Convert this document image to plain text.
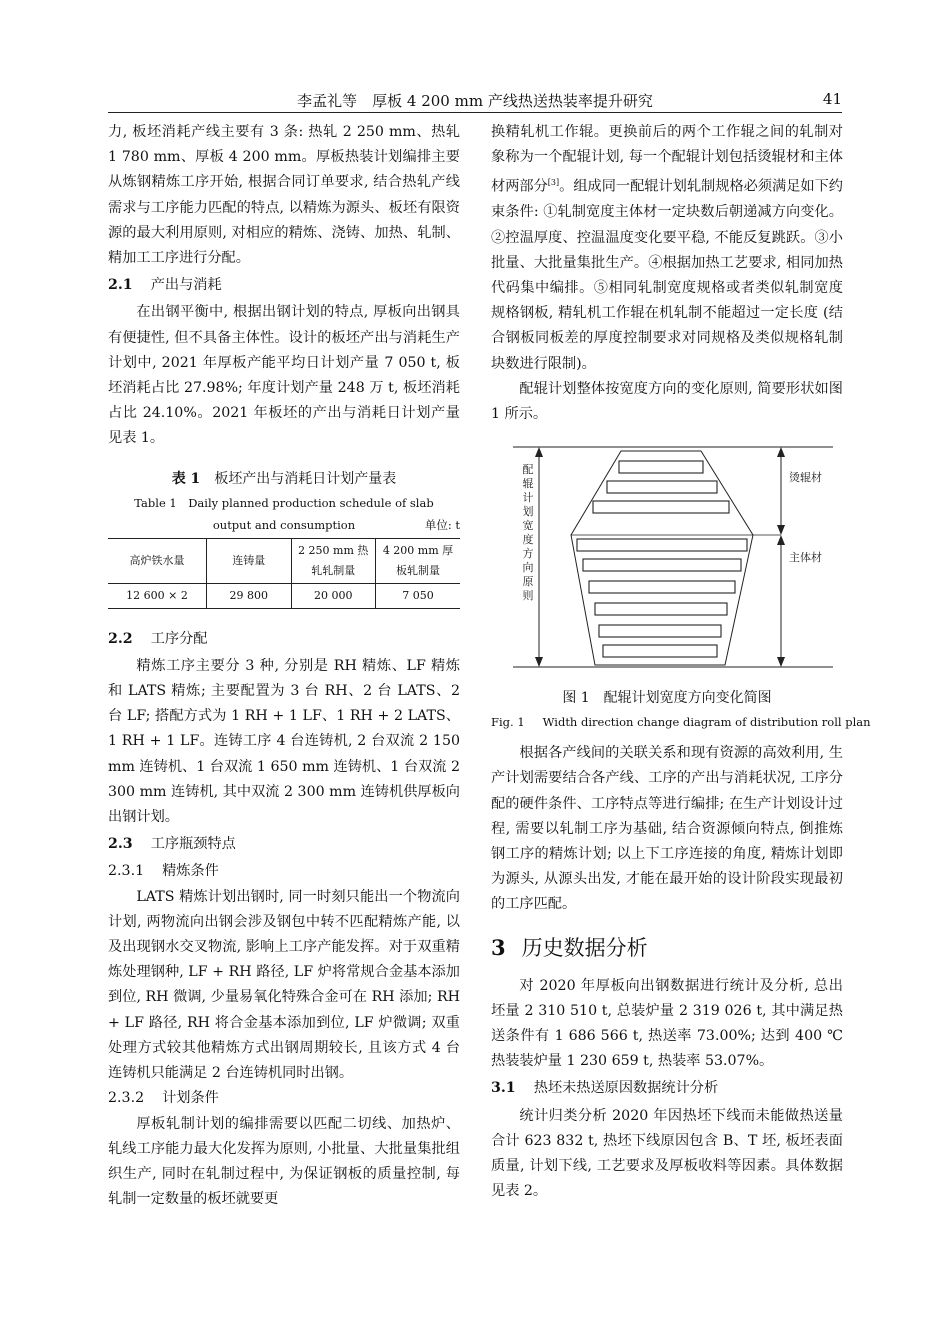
李孟礼等　厚板 4 200 mm 产线热送热装率提升研究	41

力, 板坯消耗产线主要有 3 条: 热轧 2 250 mm、热轧 1 780 mm、厚板 4 200 mm。厚板热装计划编排主要从炼钢精炼工序开始, 根据合同订单要求, 结合热轧产线需求与工序能力匹配的特点, 以精炼为源头、板坯有限资源的最大利用原则, 对相应的精炼、浇铸、加热、轧制、精加工工序进行分配。

2.1 产出与消耗

在出钢平衡中, 根据出钢计划的特点, 厚板向出钢具有便捷性, 但不具备主体性。设计的板坯产出与消耗生产计划中, 2021 年厚板产能平均日计划产量 7 050 t, 板坯消耗占比 27.98%; 年度计划产量 248 万 t, 板坯消耗占比 24.10%。2021 年板坯的产出与消耗日计划产量见表 1。

表 1 板坯产出与消耗日计划产量表
Table 1　Daily planned production schedule of slab
output and consumption	单位: t
高炉铁水量	连铸量	2 250 mm 热轧轧制量	4 200 mm 厚板轧制量
12 600 × 2	29 800	20 000	7 050
2.2 工序分配

精炼工序主要分 3 种, 分别是 RH 精炼、LF 精炼和 LATS 精炼; 主要配置为 3 台 RH、2 台 LATS、2 台 LF; 搭配方式为 1 RH + 1 LF、1 RH + 2 LATS、1 RH + 1 LF。连铸工序 4 台连铸机, 2 台双流 2 150 mm 连铸机、1 台双流 1 650 mm 连铸机、1 台双流 2 300 mm 连铸机, 其中双流 2 300 mm 连铸机供厚板向出钢计划。

2.3 工序瓶颈特点
2.3.1 精炼条件

LATS 精炼计划出钢时, 同一时刻只能出一个物流向计划, 两物流向出钢会涉及钢包中转不匹配精炼产能, 以及出现钢水交叉物流, 影响上工序产能发挥。对于双重精炼处理钢种, LF + RH 路径, LF 炉将常规合金基本添加到位, RH 微调, 少量易氧化特殊合金可在 RH 添加; RH + LF 路径, RH 将合金基本添加到位, LF 炉微调; 双重处理方式较其他精炼方式出钢周期较长, 且该方式 4 台连铸机只能满足 2 台连铸机同时出钢。

2.3.2 计划条件

厚板轧制计划的编排需要以匹配二切线、加热炉、轧线工序能力最大化发挥为原则, 小批量、大批量集批组织生产, 同时在轧制过程中, 为保证钢板的质量控制, 每轧制一定数量的板坯就要更

换精轧机工作辊。更换前后的两个工作辊之间的轧制对象称为一个配辊计划, 每一个配辊计划包括烫辊材和主体材两部分[3]。组成同一配辊计划轧制规格必须满足如下约束条件: ①轧制宽度主体材一定块数后朝递减方向变化。②控温厚度、控温温度变化要平稳, 不能反复跳跃。③小批量、大批量集批生产。④根据加热工艺要求, 相同加热代码集中编排。⑤相同轧制宽度规格或者类似轧制宽度规格钢板, 精轧机工作辊在机轧制不能超过一定长度 (结合钢板同板差的厚度控制要求对同规格及类似规格轧制块数进行限制)。

配辊计划整体按宽度方向的变化原则, 简要形状如图 1 所示。

配辊计划宽度方向原则
烫辊材
主体材
图 1 配辊计划宽度方向变化简图
Fig. 1 Width direction change diagram of distribution roll plan

根据各产线间的关联关系和现有资源的高效利用, 生产计划需要结合各产线、工序的产出与消耗状况, 工序分配的硬件条件、工序特点等进行编排; 在生产计划设计过程, 需要以轧制工序为基础, 结合资源倾向特点, 倒推炼钢工序的精炼计划; 以上下工序连接的角度, 精炼计划即为源头, 从源头出发, 才能在最开始的设计阶段实现最初的工序匹配。

3 历史数据分析

对 2020 年厚板向出钢数据进行统计及分析, 总出坯量 2 310 510 t, 总装炉量 2 319 026 t, 其中满足热送条件有 1 686 566 t, 热送率 73.00%; 达到 400 ℃ 热装装炉量 1 230 659 t, 热装率 53.07%。

3.1 热坯未热送原因数据统计分析

统计归类分析 2020 年因热坯下线而未能做热送量合计 623 832 t, 热坯下线原因包含 B、T 坯, 板坯表面质量, 计划下线, 工艺要求及厚板收料等因素。具体数据见表 2。
